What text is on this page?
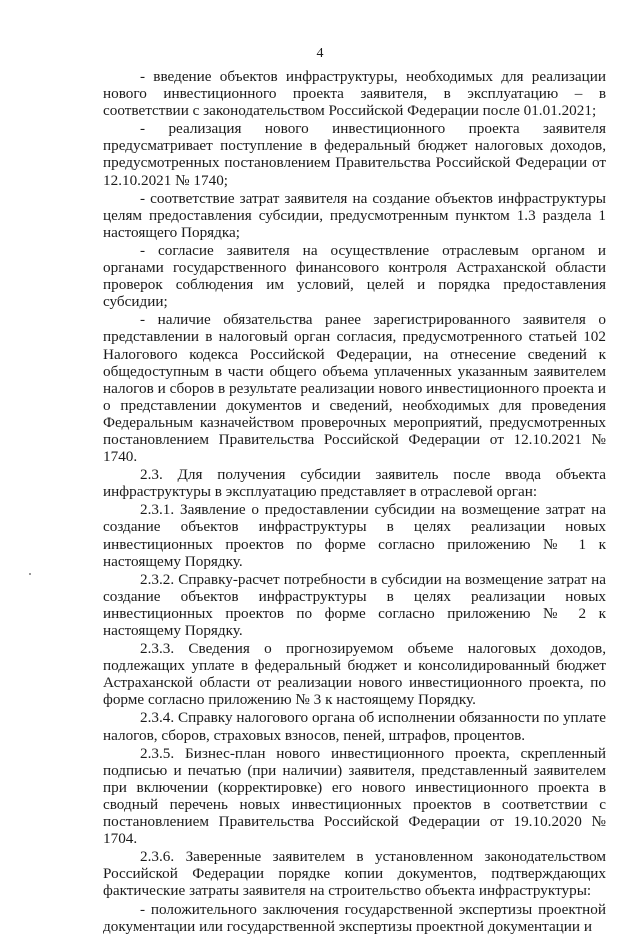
4

- введение объектов инфраструктуры, необходимых для реализации нового инвестиционного проекта заявителя, в эксплуатацию – в соответствии с законодательством Российской Федерации после 01.01.2021;

- реализация нового инвестиционного проекта заявителя предусматривает поступление в федеральный бюджет налоговых доходов, предусмотренных постановлением Правительства Российской Федерации от 12.10.2021 № 1740;

- соответствие затрат заявителя на создание объектов инфраструктуры целям предоставления субсидии, предусмотренным пунктом 1.3 раздела 1 настоящего Порядка;

- согласие заявителя на осуществление отраслевым органом и органами государственного финансового контроля Астраханской области проверок соблюдения им условий, целей и порядка предоставления субсидии;

- наличие обязательства ранее зарегистрированного заявителя о представлении в налоговый орган согласия, предусмотренного статьей 102 Налогового кодекса Российской Федерации, на отнесение сведений к общедоступным в части общего объема уплаченных указанным заявителем налогов и сборов в результате реализации нового инвестиционного проекта и о представлении документов и сведений, необходимых для проведения Федеральным казначейством проверочных мероприятий, предусмотренных постановлением Правительства Российской Федерации от 12.10.2021 № 1740.

2.3. Для получения субсидии заявитель после ввода объекта инфраструктуры в эксплуатацию представляет в отраслевой орган:

2.3.1. Заявление о предоставлении субсидии на возмещение затрат на создание объектов инфраструктуры в целях реализации новых инвестиционных проектов по форме согласно приложению № 1 к настоящему Порядку.

2.3.2. Справку-расчет потребности в субсидии на возмещение затрат на создание объектов инфраструктуры в целях реализации новых инвестиционных проектов по форме согласно приложению № 2 к настоящему Порядку.

2.3.3. Сведения о прогнозируемом объеме налоговых доходов, подлежащих уплате в федеральный бюджет и консолидированный бюджет Астраханской области от реализации нового инвестиционного проекта, по форме согласно приложению № 3 к настоящему Порядку.

2.3.4. Справку налогового органа об исполнении обязанности по уплате налогов, сборов, страховых взносов, пеней, штрафов, процентов.

2.3.5. Бизнес-план нового инвестиционного проекта, скрепленный подписью и печатью (при наличии) заявителя, представленный заявителем при включении (корректировке) его нового инвестиционного проекта в сводный перечень новых инвестиционных проектов в соответствии с постановлением Правительства Российской Федерации от 19.10.2020 № 1704.

2.3.6. Заверенные заявителем в установленном законодательством Российской Федерации порядке копии документов, подтверждающих фактические затраты заявителя на строительство объекта инфраструктуры:

- положительного заключения государственной экспертизы проектной документации или государственной экспертизы проектной документации и
